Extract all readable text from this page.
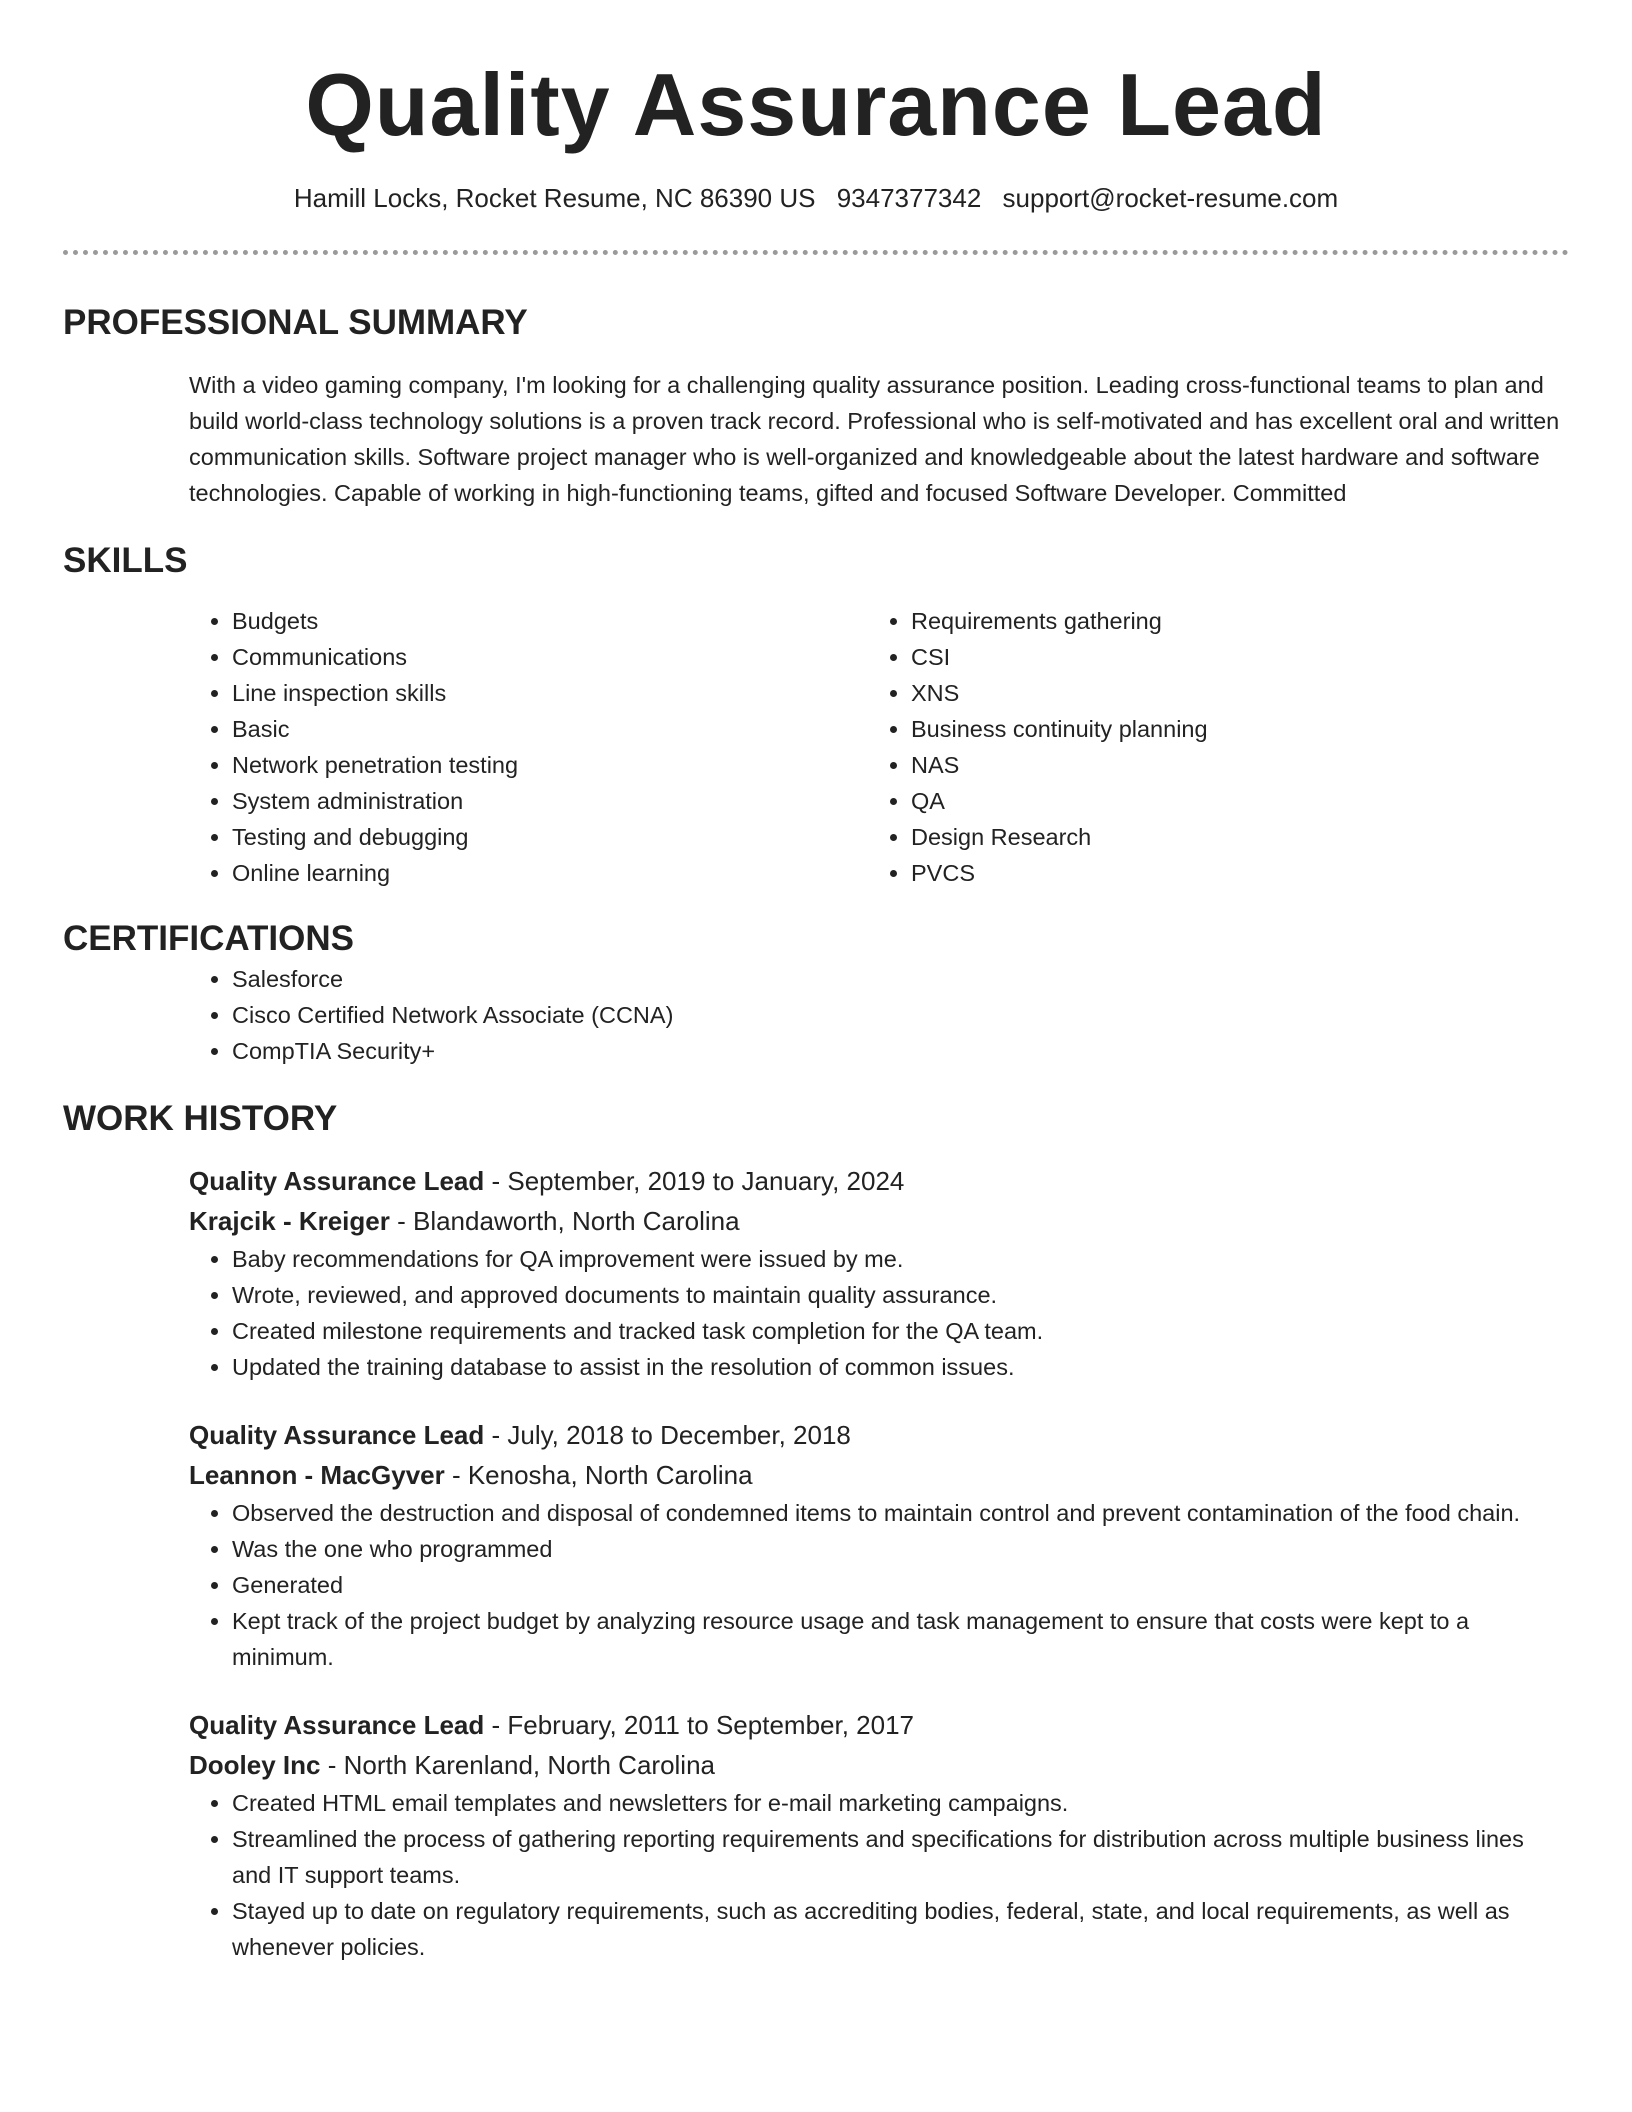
Quality Assurance Lead
Hamill Locks, Rocket Resume, NC 86390 US 9347377342 support@rocket-resume.com
PROFESSIONAL SUMMARY

With a video gaming company, I'm looking for a challenging quality assurance position. Leading cross-functional teams to plan and build world-class technology solutions is a proven track record. Professional who is self-motivated and has excellent oral and written communication skills. Software project manager who is well-organized and knowledgeable about the latest hardware and software technologies. Capable of working in high-functioning teams, gifted and focused Software Developer. Committed

SKILLS
• Budgets
• Communications
• Line inspection skills
• Basic
• Network penetration testing
• System administration
• Testing and debugging
• Online learning
• Requirements gathering
• CSI
• XNS
• Business continuity planning
• NAS
• QA
• Design Research
• PVCS
CERTIFICATIONS
• Salesforce
• Cisco Certified Network Associate (CCNA)
• CompTIA Security+
WORK HISTORY
Quality Assurance Lead - September, 2019 to January, 2024
Krajcik - Kreiger - Blandaworth, North Carolina
• Baby recommendations for QA improvement were issued by me.
• Wrote, reviewed, and approved documents to maintain quality assurance.
• Created milestone requirements and tracked task completion for the QA team.
• Updated the training database to assist in the resolution of common issues.
Quality Assurance Lead - July, 2018 to December, 2018
Leannon - MacGyver - Kenosha, North Carolina
• Observed the destruction and disposal of condemned items to maintain control and prevent contamination of the food chain.
• Was the one who programmed
• Generated
• Kept track of the project budget by analyzing resource usage and task management to ensure that costs were kept to a minimum.
Quality Assurance Lead - February, 2011 to September, 2017
Dooley Inc - North Karenland, North Carolina
• Created HTML email templates and newsletters for e-mail marketing campaigns.
• Streamlined the process of gathering reporting requirements and specifications for distribution across multiple business lines and IT support teams.
• Stayed up to date on regulatory requirements, such as accrediting bodies, federal, state, and local requirements, as well as whenever policies.
